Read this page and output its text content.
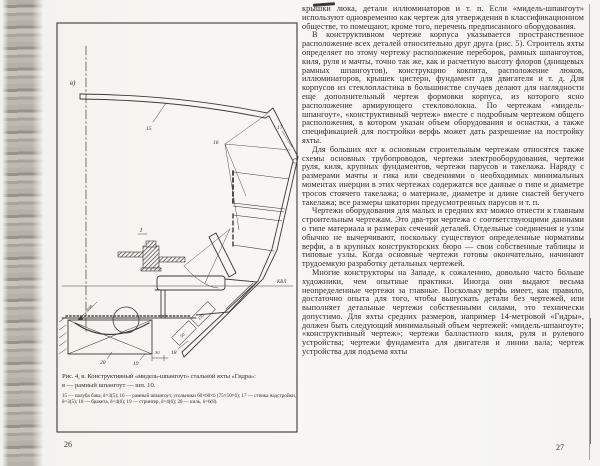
в)
15
16
17
18
19
20
I
КВЛ
30
100
50
150
Рис. 4, в. Конструктивный «мидель-шпангоут» стальной яхты «Гидра»:
в — рамный шпангоут — шп. 10.
15 — палуба бака, δ=3(5); 16 — рамный шпангоут, угольники 60×60×6 (75×50×6); 17 — стенка надстройки, δ=3(5); 18 — бракета, δ=4(6); 19 — стрингер, δ=4(6); 20 — киль, δ=6(8).
26

крышки люка, детали иллюминаторов и т. п. Если «мидель-шпангоут» используют одновременно как чертеж для утверждения в классификационном обществе, то помещают, кроме того, перечень предписанного оборудования.

В конструктивном чертеже корпуса указывается пространственное расположение всех деталей относительно друг друга (рис. 5). Строитель яхты определяет по этому чертежу расположение переборок, рамных шпангоутов, киля, руля и мачты, точно так же, как и расчетную высоту флоров (днищевых рамных шпангоутов), конструкцию кокпита, расположение люков, иллюминаторов, крышек цистерн, фундамент для двигателя и т. д. Для корпусов из стеклопластика в большинстве случаев делают для наглядности еще дополнительный чертеж формовки корпуса, из которого ясно расположение армирующего стекловолокна. По чертежам «мидель-шпангоут», «конструктивный чертеж» вместе с подробным чертежом общего расположения, в котором указан объем оборудования и оснастки, а также спецификацией для постройки верфь может дать разрешение на постройку яхты.

Для больших яхт к основным строительным чертежам относятся также схемы основных трубопроводов, чертежи электрооборудования, чертежи руля, киля, крупных фундаментов, чертежи парусов и такелажа. Наряду с размерами мачты и гика или сведениями о необходимых минимальных моментах инерции в этих чертежах содержатся все данные о типе и диаметре тросов стоячего такелажа; о материале, диаметре и длине снастей бегучего такелажа; все размеры шкаторин предусмотренных парусов и т. п.

Чертежи оборудования для малых и средних яхт можно отнести к главным строительным чертежам. Это два-три чертежа с соответствующими данными о типе материала и размерах сечений деталей. Отдельные соединения и узлы обычно не вычерчивают, поскольку существуют определенные нормативы верфи, а в крупных конструкторских бюро — свои собственные таблицы и типовые узлы. Когда основные чертежи готовы окончательно, начинают трудоемкую разработку детальных чертежей.

Многие конструкторы на Западе, к сожалению, довольно часто больше художники, чем опытные практики. Иногда они выдают весьма неопределенные чертежи за главные. Поскольку верфь имеет, как правило, достаточно опыта для того, чтобы выпускать детали без чертежей, или выполняет детальные чертежи собственными силами, это технически допустимо. Для яхты средних размеров, например 14-метровой «Гидры», должен быть следующий минимальный объем чертежей: «мидель-шпангоут»; «конструктивный чертеж»; чертежи балластного киля, руля и рулевого устройства; чертежи фундамента для двигателя и линии вала; чертеж устройства для подъема яхты

27
